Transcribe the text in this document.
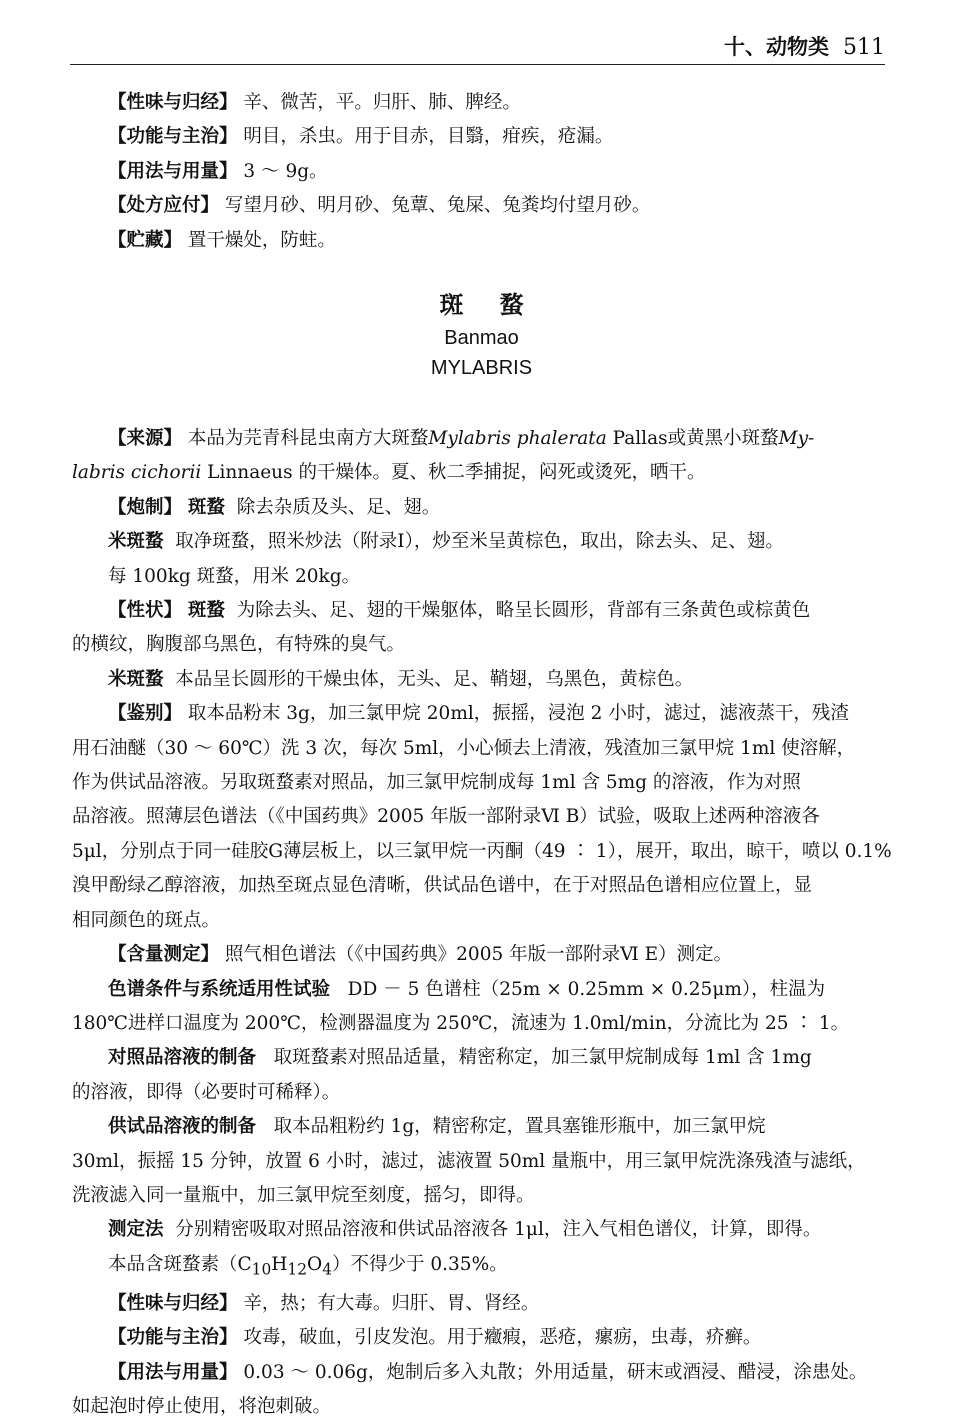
十、动物类 511

【性味与归经】 辛、微苦，平。归肝、肺、脾经。

【功能与主治】 明目，杀虫。用于目赤，目翳，疳疾，疮漏。

【用法与用量】 3 ～ 9g。

【处方应付】 写望月砂、明月砂、兔蕈、兔屎、兔粪均付望月砂。

【贮藏】 置干燥处，防蛀。

斑蝥
Banmao
MYLABRIS

【来源】 本品为芫青科昆虫南方大斑蝥Mylabris phalerata Pallas或黄黑小斑蝥My-

labris cichorii Linnaeus 的干燥体。夏、秋二季捕捉，闷死或烫死，晒干。

【炮制】 斑蝥 除去杂质及头、足、翅。

米斑蝥 取净斑蝥，照米炒法（附录Ⅰ），炒至米呈黄棕色，取出，除去头、足、翅。

每 100kg 斑蝥，用米 20kg。

【性状】 斑蝥 为除去头、足、翅的干燥躯体，略呈长圆形，背部有三条黄色或棕黄色

的横纹，胸腹部乌黑色，有特殊的臭气。

米斑蝥 本品呈长圆形的干燥虫体，无头、足、鞘翅，乌黑色，黄棕色。

【鉴别】 取本品粉末 3g，加三氯甲烷 20ml，振摇，浸泡 2 小时，滤过，滤液蒸干，残渣

用石油醚（30 ～ 60℃）洗 3 次，每次 5ml，小心倾去上清液，残渣加三氯甲烷 1ml 使溶解，

作为供试品溶液。另取斑蝥素对照品，加三氯甲烷制成每 1ml 含 5mg 的溶液，作为对照

品溶液。照薄层色谱法（《中国药典》2005 年版一部附录Ⅵ B）试验，吸取上述两种溶液各

5μl，分别点于同一硅胶G薄层板上，以三氯甲烷一丙酮（49 ∶ 1），展开，取出，晾干，喷以 0.1%

溴甲酚绿乙醇溶液，加热至斑点显色清晰，供试品色谱中，在于对照品色谱相应位置上，显

相同颜色的斑点。

【含量测定】 照气相色谱法（《中国药典》2005 年版一部附录Ⅵ E）测定。

色谱条件与系统适用性试验 DD － 5 色谱柱（25m × 0.25mm × 0.25μm），柱温为

180℃进样口温度为 200℃，检测器温度为 250℃，流速为 1.0ml/min，分流比为 25 ∶ 1。

对照品溶液的制备 取斑蝥素对照品适量，精密称定，加三氯甲烷制成每 1ml 含 1mg

的溶液，即得（必要时可稀释）。

供试品溶液的制备 取本品粗粉约 1g，精密称定，置具塞锥形瓶中，加三氯甲烷

30ml，振摇 15 分钟，放置 6 小时，滤过，滤液置 50ml 量瓶中，用三氯甲烷洗涤残渣与滤纸，

洗液滤入同一量瓶中，加三氯甲烷至刻度，摇匀，即得。

测定法 分别精密吸取对照品溶液和供试品溶液各 1μl，注入气相色谱仪，计算，即得。

本品含斑蝥素$(C_{10}H_{12}O_4)$不得少于 0.35%。

【性味与归经】 辛，热；有大毒。归肝、胃、肾经。

【功能与主治】 攻毒，破血，引皮发泡。用于癥瘕，恶疮，瘰疬，虫毒，疥癣。

【用法与用量】 0.03 ～ 0.06g，炮制后多入丸散；外用适量，研末或酒浸、醋浸，涂患处。

如起泡时停止使用，将泡刺破。
